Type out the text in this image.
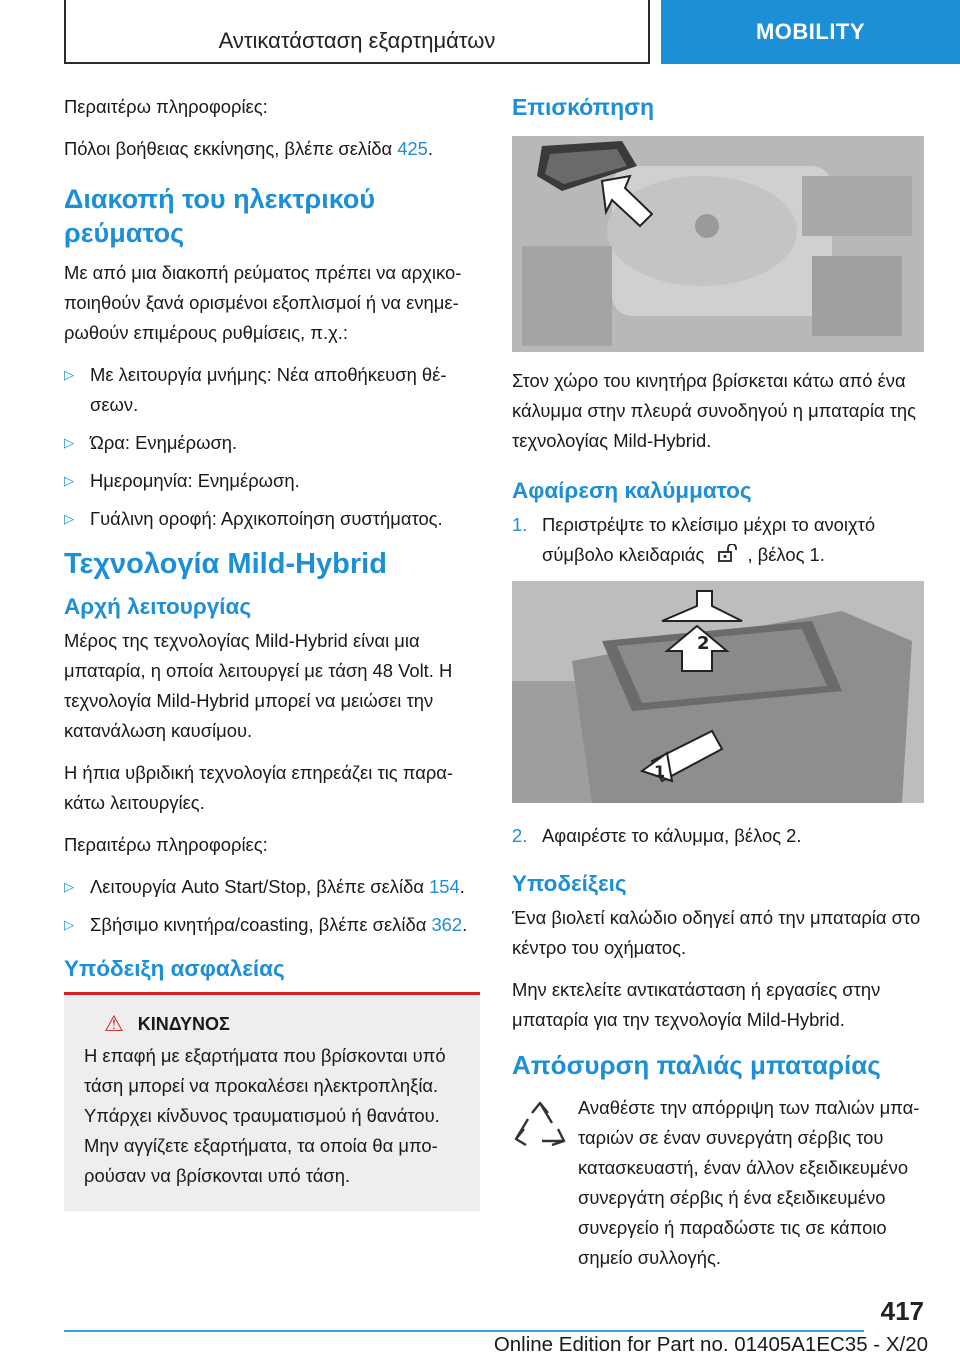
Αντικατάσταση εξαρτημάτων	MOBILITY

Περαιτέρω πληροφορίες:

Πόλοι βοήθειας εκκίνησης, βλέπε σελίδα 425.

Διακοπή του ηλεκτρικού ρεύματος

Με από μια διακοπή ρεύματος πρέπει να αρχικοποιηθούν ξανά ορισμένοι εξοπλισμοί ή να ενημερωθούν επιμέρους ρυθμίσεις, π.χ.:

▷ Με λειτουργία μνήμης: Νέα αποθήκευση θέσεων.
▷ Ώρα: Ενημέρωση.
▷ Ημερομηνία: Ενημέρωση.
▷ Γυάλινη οροφή: Αρχικοποίηση συστήματος.
Τεχνολογία Mild-Hybrid
Αρχή λειτουργίας

Μέρος της τεχνολογίας Mild-Hybrid είναι μια μπαταρία, η οποία λειτουργεί με τάση 48 Volt. Η τεχνολογία Mild-Hybrid μπορεί να μειώσει την κατανάλωση καυσίμου.

Η ήπια υβριδική τεχνολογία επηρεάζει τις παρακάτω λειτουργίες.

Περαιτέρω πληροφορίες:

▷ Λειτουργία Auto Start/Stop, βλέπε σελίδα 154.
▷ Σβήσιμο κινητήρα/coasting, βλέπε σελίδα 362.
Υπόδειξη ασφαλείας
⚠ ΚΙΝΔΥΝΟΣ

Η επαφή με εξαρτήματα που βρίσκονται υπό τάση μπορεί να προκαλέσει ηλεκτροπληξία. Υπάρχει κίνδυνος τραυματισμού ή θανάτου. Μην αγγίζετε εξαρτήματα, τα οποία θα μπορούσαν να βρίσκονται υπό τάση.

Επισκόπηση

Στον χώρο του κινητήρα βρίσκεται κάτω από ένα κάλυμμα στην πλευρά συνοδηγού η μπαταρία της τεχνολογίας Mild-Hybrid.

Αφαίρεση καλύμματος
1. Περιστρέψτε το κλείσιμο μέχρι το ανοιχτό σύμβολο κλειδαριάς , βέλος 1.
2
1
2. Αφαιρέστε το κάλυμμα, βέλος 2.
Υποδείξεις

Ένα βιολετί καλώδιο οδηγεί από την μπαταρία στο κέντρο του οχήματος.

Μην εκτελείτε αντικατάσταση ή εργασίες στην μπαταρία για την τεχνολογία Mild-Hybrid.

Απόσυρση παλιάς μπαταρίας
Αναθέστε την απόρριψη των παλιών μπαταριών σε έναν συνεργάτη σέρβις του κατασκευαστή, έναν άλλον εξειδικευμένο συνεργάτη σέρβις ή ένα εξειδικευμένο συνεργείο ή παραδώστε τις σε κάποιο σημείο συλλογής.
417
Online Edition for Part no. 01405A1EC35 - X/20
